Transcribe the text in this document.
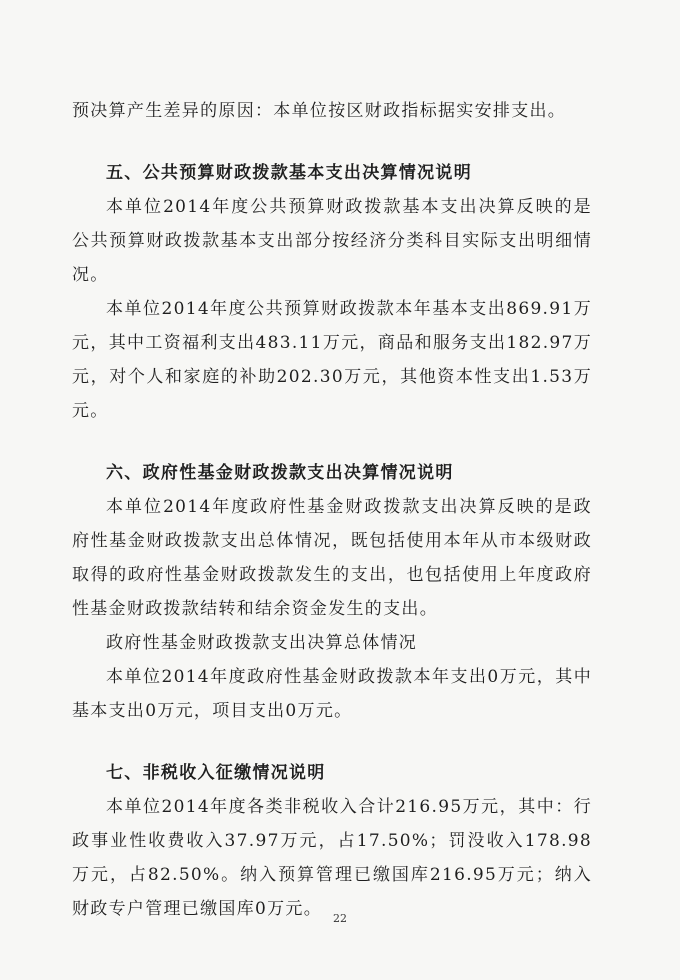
预决算产生差异的原因：本单位按区财政指标据实安排支出。

五、公共预算财政拨款基本支出决算情况说明

本单位2014年度公共预算财政拨款基本支出决算反映的是公共预算财政拨款基本支出部分按经济分类科目实际支出明细情况。

本单位2014年度公共预算财政拨款本年基本支出869.91万元，其中工资福利支出483.11万元，商品和服务支出182.97万元，对个人和家庭的补助202.30万元，其他资本性支出1.53万元。

六、政府性基金财政拨款支出决算情况说明

本单位2014年度政府性基金财政拨款支出决算反映的是政府性基金财政拨款支出总体情况，既包括使用本年从市本级财政取得的政府性基金财政拨款发生的支出，也包括使用上年度政府性基金财政拨款结转和结余资金发生的支出。

政府性基金财政拨款支出决算总体情况

本单位2014年度政府性基金财政拨款本年支出0万元，其中基本支出0万元，项目支出0万元。

七、非税收入征缴情况说明

本单位2014年度各类非税收入合计216.95万元，其中：行政事业性收费收入37.97万元，占17.50%；罚没收入178.98万元，占82.50%。纳入预算管理已缴国库216.95万元；纳入财政专户管理已缴国库0万元。 22
